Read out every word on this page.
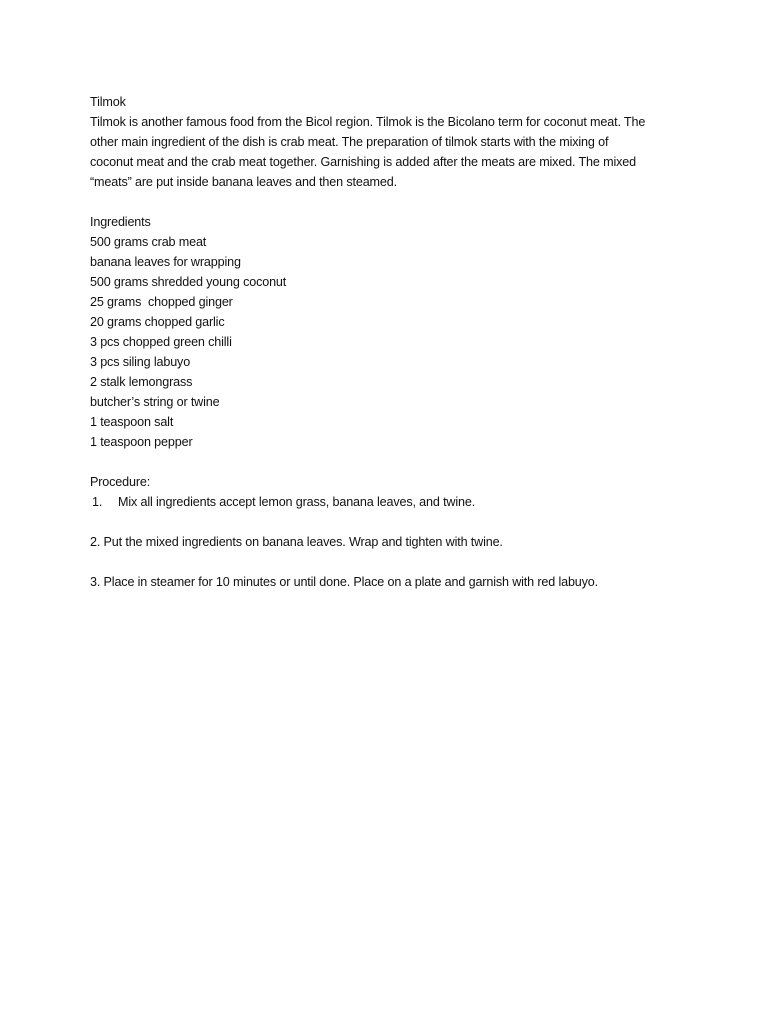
Tilmok

Tilmok is another famous food from the Bicol region. Tilmok is the Bicolano term for coconut meat. The

other main ingredient of the dish is crab meat. The preparation of tilmok starts with the mixing of

coconut meat and the crab meat together. Garnishing is added after the meats are mixed. The mixed

“meats” are put inside banana leaves and then steamed.

Ingredients

500 grams crab meat

banana leaves for wrapping

500 grams shredded young coconut

25 grams  chopped ginger

20 grams chopped garlic

3 pcs chopped green chilli

3 pcs siling labuyo

2 stalk lemongrass

butcher’s string or twine

1 teaspoon salt

1 teaspoon pepper

Procedure:

1.	Mix all ingredients accept lemon grass, banana leaves, and twine.

2. Put the mixed ingredients on banana leaves. Wrap and tighten with twine.

3. Place in steamer for 10 minutes or until done. Place on a plate and garnish with red labuyo.
